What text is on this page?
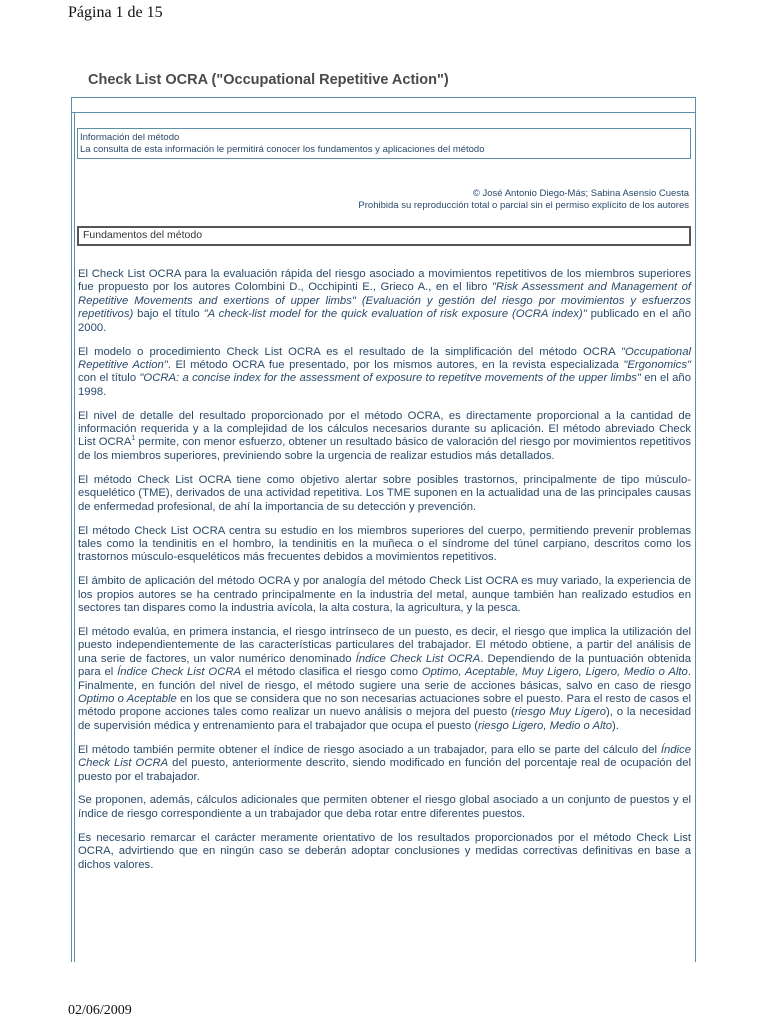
Página 1 de 15
Check List OCRA ("Occupational Repetitive Action")
Información del método
La consulta de esta información le permitirá conocer los fundamentos y aplicaciones del método
© José Antonio Diego-Más; Sabina Asensio Cuesta
Prohibida su reproducción total o parcial sin el permiso explícito de los autores
Fundamentos del método

El Check List OCRA para la evaluación rápida del riesgo asociado a movimientos repetitivos de los miembros superiores fue propuesto por los autores Colombini D., Occhipinti E., Grieco A., en el libro "Risk Assessment and Management of Repetitive Movements and exertions of upper limbs" (Evaluación y gestión del riesgo por movimientos y esfuerzos repetitivos) bajo el título "A check-list model for the quick evaluation of risk exposure (OCRA index)" publicado en el año 2000.

El modelo o procedimiento Check List OCRA es el resultado de la simplificación del método OCRA "Occupational Repetitive Action". El método OCRA fue presentado, por los mismos autores, en la revista especializada "Ergonomics" con el título "OCRA: a concise index for the assessment of exposure to repetitve movements of the upper limbs" en el año 1998.

El nivel de detalle del resultado proporcionado por el método OCRA, es directamente proporcional a la cantidad de información requerida y a la complejidad de los cálculos necesarios durante su aplicación. El método abreviado Check List OCRA$^1$ permite, con menor esfuerzo, obtener un resultado básico de valoración del riesgo por movimientos repetitivos de los miembros superiores, previniendo sobre la urgencia de realizar estudios más detallados.

El método Check List OCRA tiene como objetivo alertar sobre posibles trastornos, principalmente de tipo músculo-esquelético (TME), derivados de una actividad repetitiva. Los TME suponen en la actualidad una de las principales causas de enfermedad profesional, de ahí la importancia de su detección y prevención.

El método Check List OCRA centra su estudio en los miembros superiores del cuerpo, permitiendo prevenir problemas tales como la tendinitis en el hombro, la tendinitis en la muñeca o el síndrome del túnel carpiano, descritos como los trastornos músculo-esqueléticos más frecuentes debidos a movimientos repetitivos.

El ámbito de aplicación del método OCRA y por analogía del método Check List OCRA es muy variado, la experiencia de los propios autores se ha centrado principalmente en la industria del metal, aunque también han realizado estudios en sectores tan dispares como la industria avícola, la alta costura, la agricultura, y la pesca.

El método evalúa, en primera instancia, el riesgo intrínseco de un puesto, es decir, el riesgo que implica la utilización del puesto independientemente de las características particulares del trabajador. El método obtiene, a partir del análisis de una serie de factores, un valor numérico denominado Índice Check List OCRA. Dependiendo de la puntuación obtenida para el Índice Check List OCRA el método clasifica el riesgo como Optimo, Aceptable, Muy Ligero, Ligero, Medio o Alto. Finalmente, en función del nivel de riesgo, el método sugiere una serie de acciones básicas, salvo en caso de riesgo Optimo o Aceptable en los que se considera que no son necesarias actuaciones sobre el puesto. Para el resto de casos el método propone acciones tales como realizar un nuevo análisis o mejora del puesto (riesgo Muy Ligero), o la necesidad de supervisión médica y entrenamiento para el trabajador que ocupa el puesto (riesgo Ligero, Medio o Alto).

El método también permite obtener el índice de riesgo asociado a un trabajador, para ello se parte del cálculo del Índice Check List OCRA del puesto, anteriormente descrito, siendo modificado en función del porcentaje real de ocupación del puesto por el trabajador.

Se proponen, además, cálculos adicionales que permiten obtener el riesgo global asociado a un conjunto de puestos y el índice de riesgo correspondiente a un trabajador que deba rotar entre diferentes puestos.

Es necesario remarcar el carácter meramente orientativo de los resultados proporcionados por el método Check List OCRA, advirtiendo que en ningún caso se deberán adoptar conclusiones y medidas correctivas definitivas en base a dichos valores.

02/06/2009
